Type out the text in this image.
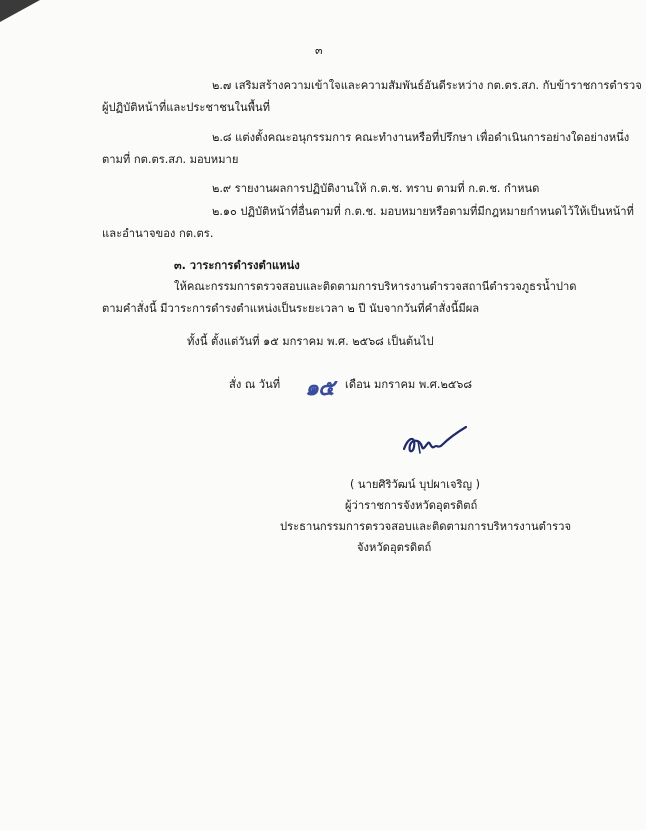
๓
๒.๗ เสริมสร้างความเข้าใจและความสัมพันธ์อันดีระหว่าง กต.ตร.สภ. กับข้าราชการตำรวจ
ผู้ปฏิบัติหน้าที่และประชาชนในพื้นที่
๒.๘ แต่งตั้งคณะอนุกรรมการ คณะทำงานหรือที่ปรึกษา เพื่อดำเนินการอย่างใดอย่างหนึ่ง
ตามที่ กต.ตร.สภ. มอบหมาย
๒.๙ รายงานผลการปฏิบัติงานให้ ก.ต.ช. ทราบ ตามที่ ก.ต.ช. กำหนด
๒.๑๐ ปฏิบัติหน้าที่อื่นตามที่ ก.ต.ช. มอบหมายหรือตามที่มีกฎหมายกำหนดไว้ให้เป็นหน้าที่
และอำนาจของ กต.ตร.
๓. วาระการดำรงตำแหน่ง
ให้คณะกรรมการตรวจสอบและติดตามการบริหารงานตำรวจสถานีตำรวจภูธรน้ำปาด
ตามคำสั่งนี้ มีวาระการดำรงตำแหน่งเป็นระยะเวลา ๒ ปี นับจากวันที่คำสั่งนี้มีผล
ทั้งนี้ ตั้งแต่วันที่ ๑๕ มกราคม พ.ศ. ๒๕๖๘ เป็นต้นไป
สั่ง ณ วันที่ ๑๕ เดือน มกราคม พ.ศ.๒๕๖๘
( นายศิริวัฒน์ บุปผาเจริญ )
ผู้ว่าราชการจังหวัดอุตรดิตถ์
ประธานกรรมการตรวจสอบและติดตามการบริหารงานตำรวจ
จังหวัดอุตรดิตถ์
